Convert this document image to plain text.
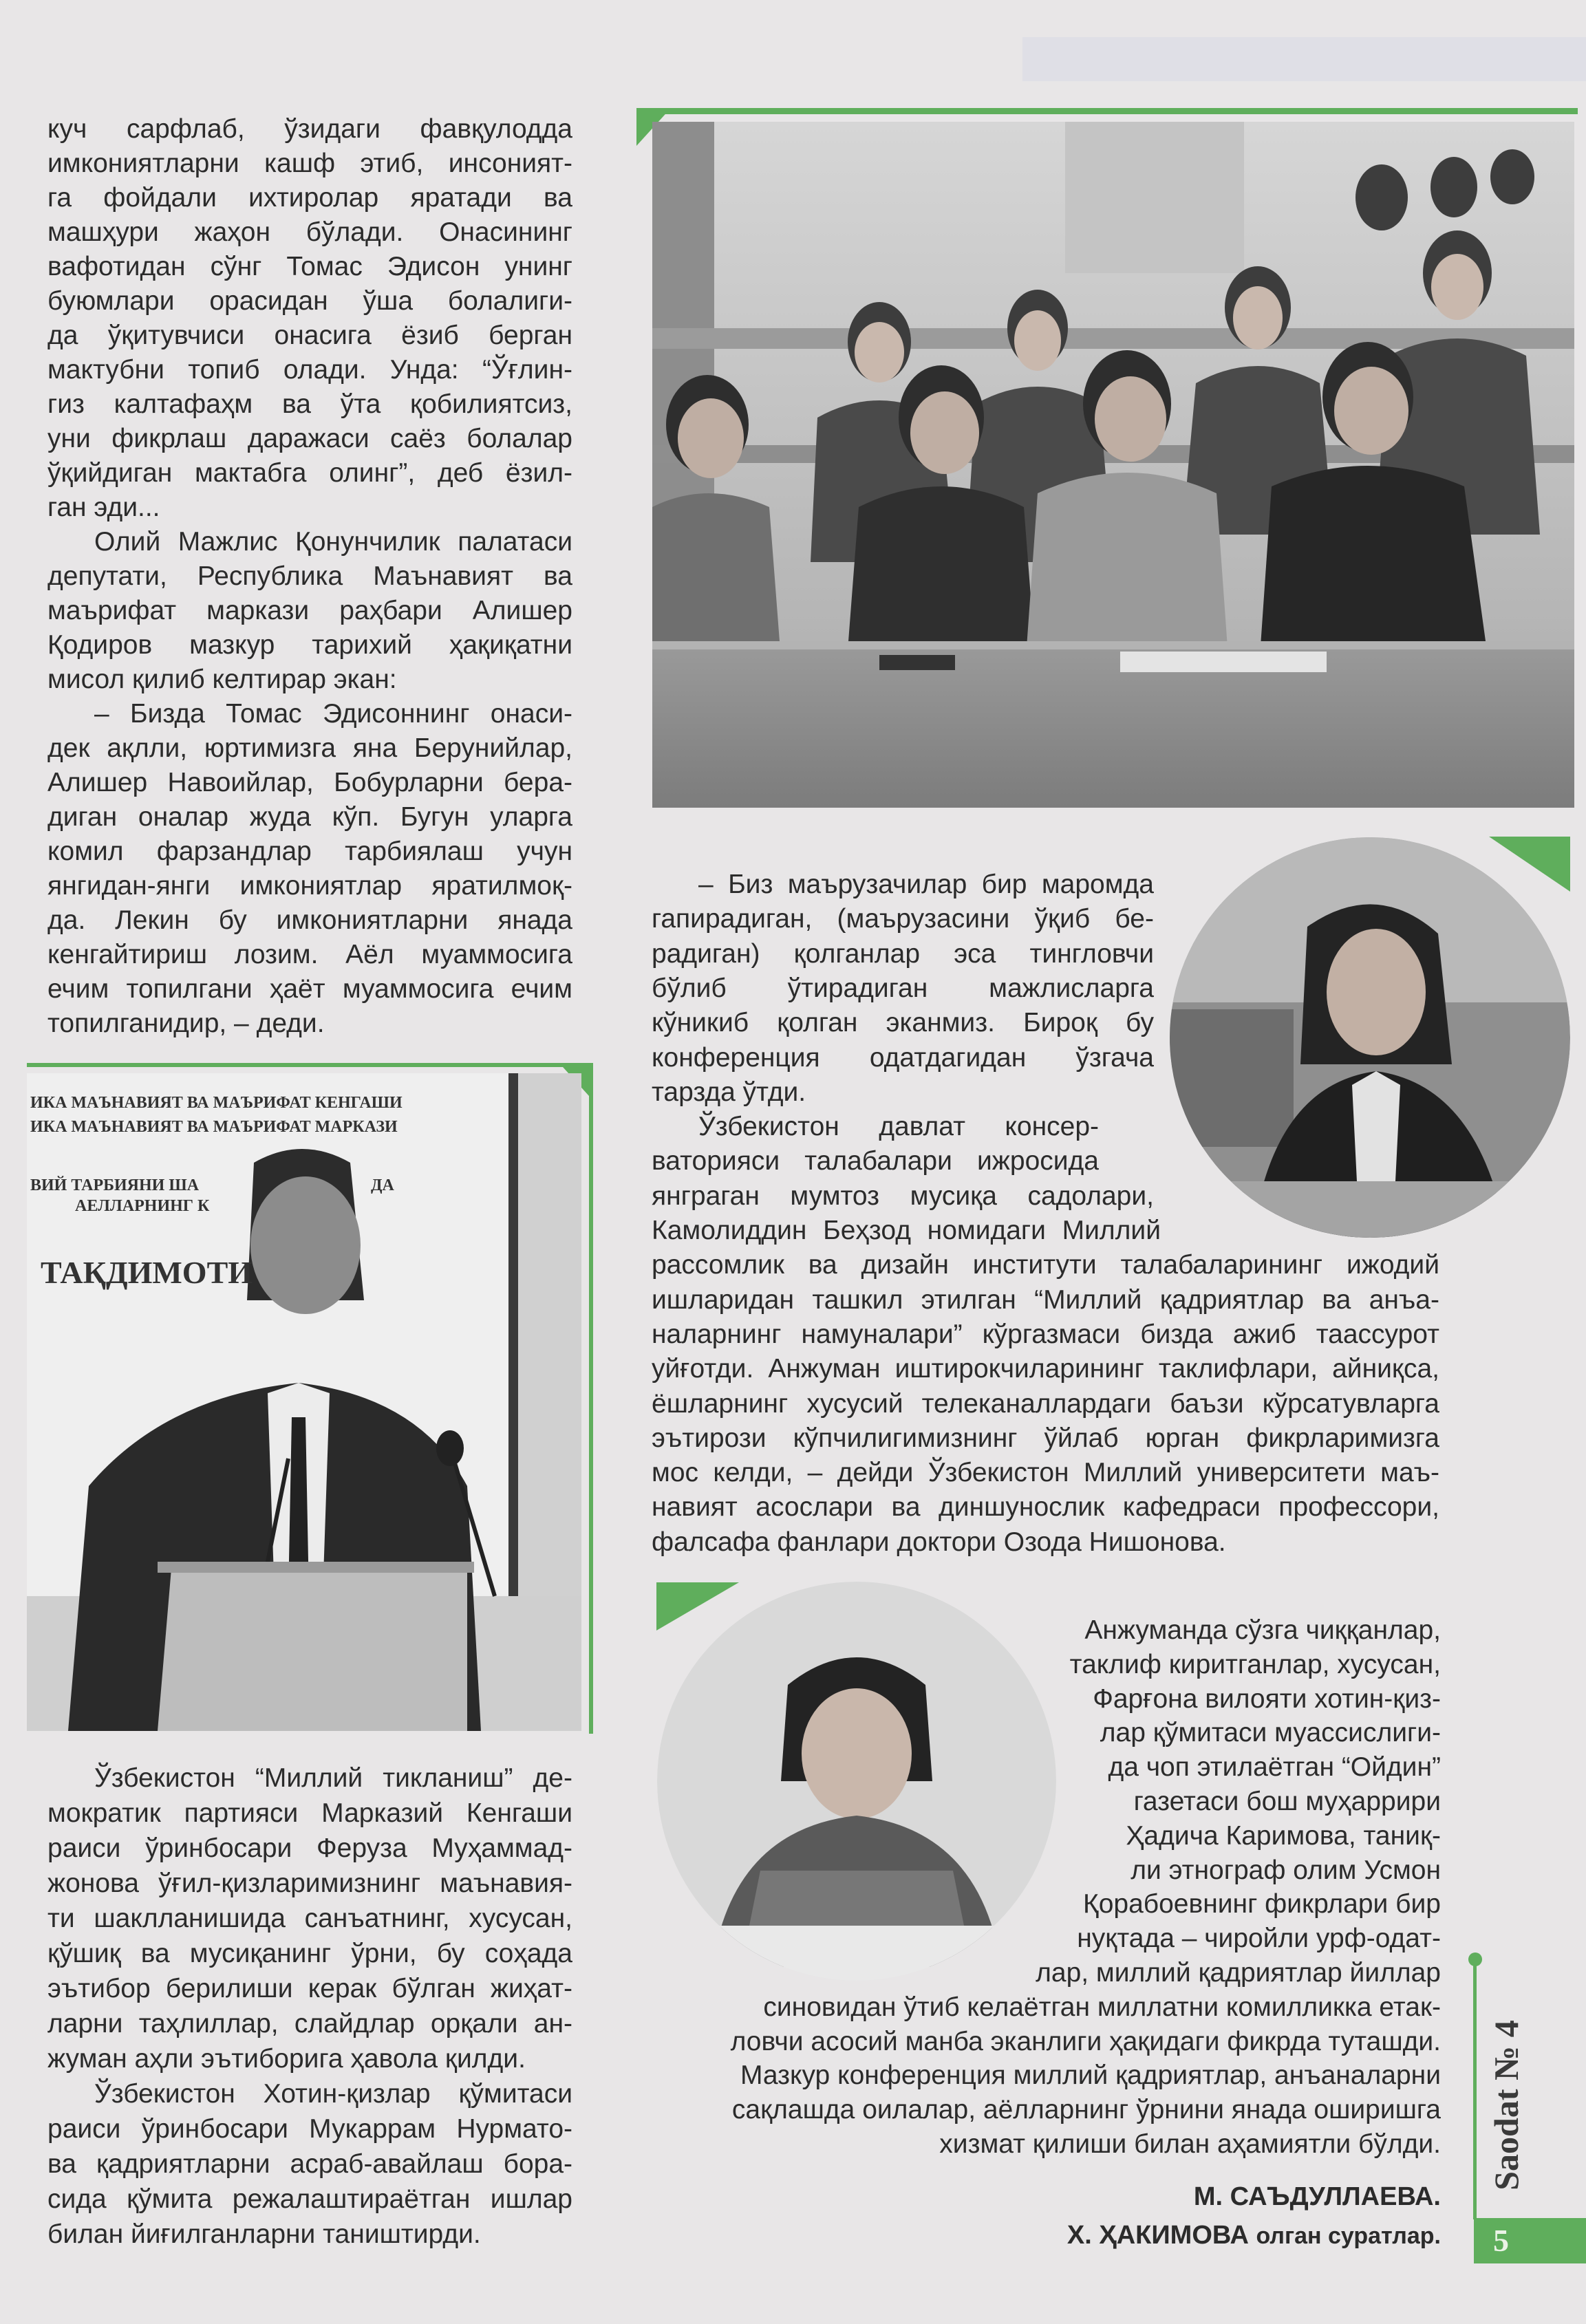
куч сарфлаб, ўзидаги фавқулодда
имкониятларни кашф этиб, инсоният-
га фойдали ихтиролар яратади ва
машҳури жаҳон бўлади. Онасининг
вафотидан сўнг Томас Эдисон унинг
буюмлари орасидан ўша болалиги-
да ўқитувчиси онасига ёзиб берган
мактубни топиб олади. Унда: “Ўғлин-
гиз калтафаҳм ва ўта қобилиятсиз,
уни фикрлаш даражаси саёз болалар
ўқийдиган мактабга олинг”, деб ёзил-
ган эди...
Олий Мажлис Қонунчилик палатаси
депутати, Республика Маънавият ва
маърифат маркази раҳбари Алишер
Қодиров мазкур тарихий ҳақиқатни
мисол қилиб келтирар экан:
– Бизда Томас Эдисоннинг онаси-
дек ақлли, юртимизга яна Берунийлар,
Алишер Навоийлар, Бобурларни бера-
диган оналар жуда кўп. Бугун уларга
комил фарзандлар тарбиялаш учун
янгидан-янги имкониятлар яратилмоқ-
да. Лекин бу имкониятларни янада
кенгайтириш лозим. Аёл муаммосига
ечим топилгани ҳаёт муаммосига ечим
топилганидир, – деди.
– Биз маърузачилар бир маромда
гапирадиган, (маърузасини ўқиб бе-
радиган) қолганлар эса тингловчи
бўлиб ўтирадиган мажлисларга
кўникиб қолган эканмиз. Бироқ бу
конференция одатдагидан ўзгача
тарзда ўтди.
Ўзбекистон давлат консер-
ваторияси талабалари ижросида
янграган мумтоз мусиқа садолари,
Камолиддин Беҳзод номидаги Миллий
рассомлик ва дизайн институти талабаларининг ижодий
ишларидан ташкил этилган “Миллий қадриятлар ва анъа-
наларнинг намуналари” кўргазмаси бизда ажиб таассурот
уйғотди. Анжуман иштирокчиларининг таклифлари, айниқса,
ёшларнинг хусусий телеканаллардаги баъзи кўрсатувларга
эътирози кўпчилигимизнинг ўйлаб юрган фикрларимизга
мос келди, – дейди Ўзбекистон Миллий университети маъ-
навият асослари ва диншунослик кафедраси профессори,
фалсафа фанлари доктори Озода Нишонова.
Ўзбекистон “Миллий тикланиш” де-
мократик партияси Марказий Кенгаши
раиси ўринбосари Феруза Муҳаммад-
жонова ўғил-қизларимизнинг маънавия-
ти шаклланишида санъатнинг, хусусан,
қўшиқ ва мусиқанинг ўрни, бу соҳада
эътибор берилиши керак бўлган жиҳат-
ларни таҳлиллар, слайдлар орқали ан-
жуман аҳли эътиборига ҳавола қилди.
Ўзбекистон Хотин-қизлар қўмитаси
раиси ўринбосари Мукаррам Нурмато-
ва қадриятларни асраб-авайлаш бора-
сида қўмита режалаштираётган ишлар
билан йиғилганларни таништирди.
Анжуманда сўзга чиққанлар,
таклиф киритганлар, хусусан,
Фарғона вилояти хотин-қиз-
лар қўмитаси муассислиги-
да чоп этилаётган “Ойдин”
газетаси бош муҳаррири
Ҳадича Каримова, таниқ-
ли этнограф олим Усмон
Қорабоевнинг фикрлари бир
нуқтада – чиройли урф-одат-
лар, миллий қадриятлар йиллар
синовидан ўтиб келаётган миллатни комилликка етак-
ловчи асосий манба эканлиги ҳақидаги фикрда туташди.
Мазкур конференция миллий қадриятлар, анъаналарни
сақлашда оилалар, аёлларнинг ўрнини янада оширишга
хизмат қилиши билан аҳамиятли бўлди.
ИКА МАЪНАВИЯТ ВА МАЪРИФАТ КЕНГАШИ
ИКА МАЪНАВИЯТ ВА МАЪРИФАТ МАРКАЗИ
ВИЙ ТАРБИЯНИ ША	ДА
АЕЛЛАРНИНГ К
ТАҚДИМОТИ
М. САЪДУЛЛАЕВА.
Х. ҲАКИМОВА олган суратлар.
Saodat № 4
5
